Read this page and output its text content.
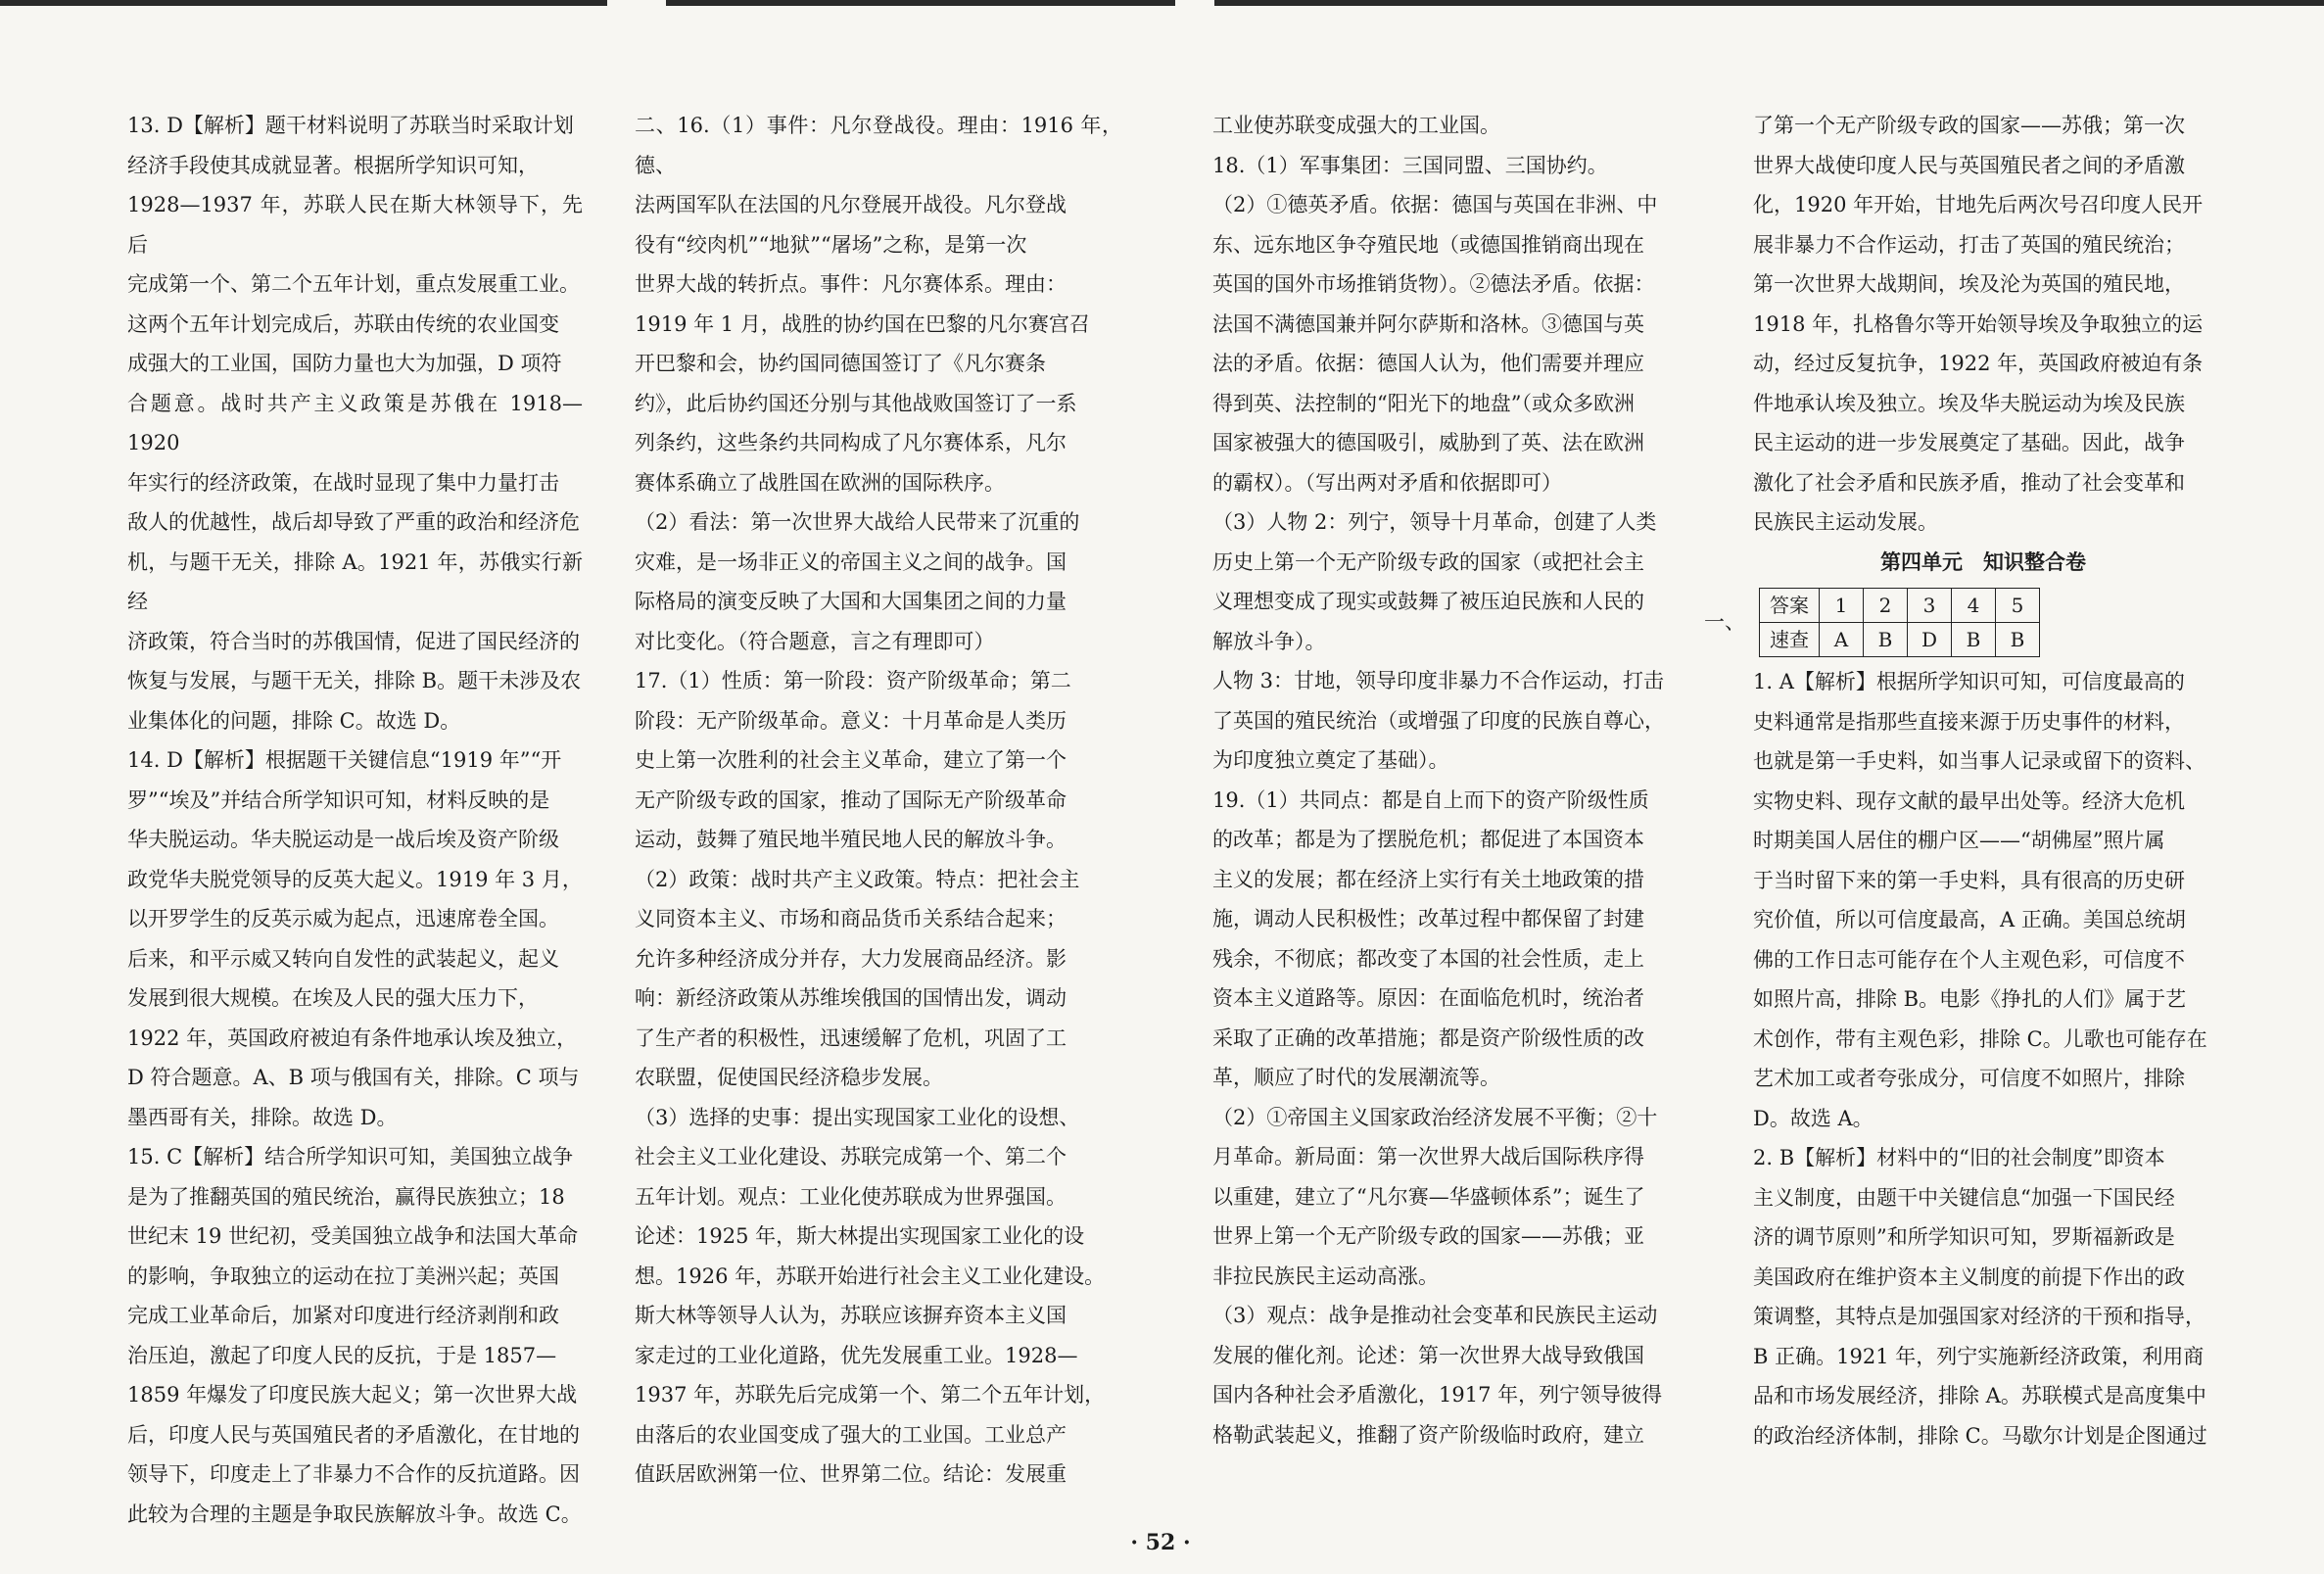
13. D【解析】题干材料说明了苏联当时采取计划

经济手段使其成就显著。根据所学知识可知，

1928—1937 年，苏联人民在斯大林领导下，先后

完成第一个、第二个五年计划，重点发展重工业。

这两个五年计划完成后，苏联由传统的农业国变

成强大的工业国，国防力量也大为加强，D 项符

合题意。战时共产主义政策是苏俄在 1918—1920

年实行的经济政策，在战时显现了集中力量打击

敌人的优越性，战后却导致了严重的政治和经济危

机，与题干无关，排除 A。1921 年，苏俄实行新经

济政策，符合当时的苏俄国情，促进了国民经济的

恢复与发展，与题干无关，排除 B。题干未涉及农

业集体化的问题，排除 C。故选 D。

14. D【解析】根据题干关键信息“1919 年”“开

罗”“埃及”并结合所学知识可知，材料反映的是

华夫脱运动。华夫脱运动是一战后埃及资产阶级

政党华夫脱党领导的反英大起义。1919 年 3 月，

以开罗学生的反英示威为起点，迅速席卷全国。

后来，和平示威又转向自发性的武装起义，起义

发展到很大规模。在埃及人民的强大压力下，

1922 年，英国政府被迫有条件地承认埃及独立，

D 符合题意。A、B 项与俄国有关，排除。C 项与

墨西哥有关，排除。故选 D。

15. C【解析】结合所学知识可知，美国独立战争

是为了推翻英国的殖民统治，赢得民族独立；18

世纪末 19 世纪初，受美国独立战争和法国大革命

的影响，争取独立的运动在拉丁美洲兴起；英国

完成工业革命后，加紧对印度进行经济剥削和政

治压迫，激起了印度人民的反抗，于是 1857—

1859 年爆发了印度民族大起义；第一次世界大战

后，印度人民与英国殖民者的矛盾激化，在甘地的

领导下，印度走上了非暴力不合作的反抗道路。因

此较为合理的主题是争取民族解放斗争。故选 C。

二、16.（1）事件：凡尔登战役。理由：1916 年，德、

法两国军队在法国的凡尔登展开战役。凡尔登战

役有“绞肉机”“地狱”“屠场”之称，是第一次

世界大战的转折点。事件：凡尔赛体系。理由：

1919 年 1 月，战胜的协约国在巴黎的凡尔赛宫召

开巴黎和会，协约国同德国签订了《凡尔赛条

约》，此后协约国还分别与其他战败国签订了一系

列条约，这些条约共同构成了凡尔赛体系，凡尔

赛体系确立了战胜国在欧洲的国际秩序。

（2）看法：第一次世界大战给人民带来了沉重的

灾难，是一场非正义的帝国主义之间的战争。国

际格局的演变反映了大国和大国集团之间的力量

对比变化。（符合题意，言之有理即可）

17.（1）性质：第一阶段：资产阶级革命；第二

阶段：无产阶级革命。意义：十月革命是人类历

史上第一次胜利的社会主义革命，建立了第一个

无产阶级专政的国家，推动了国际无产阶级革命

运动，鼓舞了殖民地半殖民地人民的解放斗争。

（2）政策：战时共产主义政策。特点：把社会主

义同资本主义、市场和商品货币关系结合起来；

允许多种经济成分并存，大力发展商品经济。影

响：新经济政策从苏维埃俄国的国情出发，调动

了生产者的积极性，迅速缓解了危机，巩固了工

农联盟，促使国民经济稳步发展。

（3）选择的史事：提出实现国家工业化的设想、

社会主义工业化建设、苏联完成第一个、第二个

五年计划。观点：工业化使苏联成为世界强国。

论述：1925 年，斯大林提出实现国家工业化的设

想。1926 年，苏联开始进行社会主义工业化建设。

斯大林等领导人认为，苏联应该摒弃资本主义国

家走过的工业化道路，优先发展重工业。1928—

1937 年，苏联先后完成第一个、第二个五年计划，

由落后的农业国变成了强大的工业国。工业总产

值跃居欧洲第一位、世界第二位。结论：发展重

工业使苏联变成强大的工业国。

18.（1）军事集团：三国同盟、三国协约。

（2）①德英矛盾。依据：德国与英国在非洲、中

东、远东地区争夺殖民地（或德国推销商出现在

英国的国外市场推销货物）。②德法矛盾。依据：

法国不满德国兼并阿尔萨斯和洛林。③德国与英

法的矛盾。依据：德国人认为，他们需要并理应

得到英、法控制的“阳光下的地盘”（或众多欧洲

国家被强大的德国吸引，威胁到了英、法在欧洲

的霸权）。（写出两对矛盾和依据即可）

（3）人物 2：列宁，领导十月革命，创建了人类

历史上第一个无产阶级专政的国家（或把社会主

义理想变成了现实或鼓舞了被压迫民族和人民的

解放斗争）。

人物 3：甘地，领导印度非暴力不合作运动，打击

了英国的殖民统治（或增强了印度的民族自尊心，

为印度独立奠定了基础）。

19.（1）共同点：都是自上而下的资产阶级性质

的改革；都是为了摆脱危机；都促进了本国资本

主义的发展；都在经济上实行有关土地政策的措

施，调动人民积极性；改革过程中都保留了封建

残余，不彻底；都改变了本国的社会性质，走上

资本主义道路等。原因：在面临危机时，统治者

采取了正确的改革措施；都是资产阶级性质的改

革，顺应了时代的发展潮流等。

（2）①帝国主义国家政治经济发展不平衡；②十

月革命。新局面：第一次世界大战后国际秩序得

以重建，建立了“凡尔赛—华盛顿体系”；诞生了

世界上第一个无产阶级专政的国家——苏俄；亚

非拉民族民主运动高涨。

（3）观点：战争是推动社会变革和民族民主运动

发展的催化剂。论述：第一次世界大战导致俄国

国内各种社会矛盾激化，1917 年，列宁领导彼得

格勒武装起义，推翻了资产阶级临时政府，建立

了第一个无产阶级专政的国家——苏俄；第一次

世界大战使印度人民与英国殖民者之间的矛盾激

化，1920 年开始，甘地先后两次号召印度人民开

展非暴力不合作运动，打击了英国的殖民统治；

第一次世界大战期间，埃及沦为英国的殖民地，

1918 年，扎格鲁尔等开始领导埃及争取独立的运

动，经过反复抗争，1922 年，英国政府被迫有条

件地承认埃及独立。埃及华夫脱运动为埃及民族

民主运动的进一步发展奠定了基础。因此，战争

激化了社会矛盾和民族矛盾，推动了社会变革和

民族民主运动发展。

第四单元　知识整合卷

一、
答案	1	2	3	4	5
速查	A	B	D	B	B

1. A【解析】根据所学知识可知，可信度最高的

史料通常是指那些直接来源于历史事件的材料，

也就是第一手史料，如当事人记录或留下的资料、

实物史料、现存文献的最早出处等。经济大危机

时期美国人居住的棚户区——“胡佛屋”照片属

于当时留下来的第一手史料，具有很高的历史研

究价值，所以可信度最高，A 正确。美国总统胡

佛的工作日志可能存在个人主观色彩，可信度不

如照片高，排除 B。电影《挣扎的人们》属于艺

术创作，带有主观色彩，排除 C。儿歌也可能存在

艺术加工或者夸张成分，可信度不如照片，排除

D。故选 A。

2. B【解析】材料中的“旧的社会制度”即资本

主义制度，由题干中关键信息“加强一下国民经

济的调节原则”和所学知识可知，罗斯福新政是

美国政府在维护资本主义制度的前提下作出的政

策调整，其特点是加强国家对经济的干预和指导，

B 正确。1921 年，列宁实施新经济政策，利用商

品和市场发展经济，排除 A。苏联模式是高度集中

的政治经济体制，排除 C。马歇尔计划是企图通过

· 52 ·
